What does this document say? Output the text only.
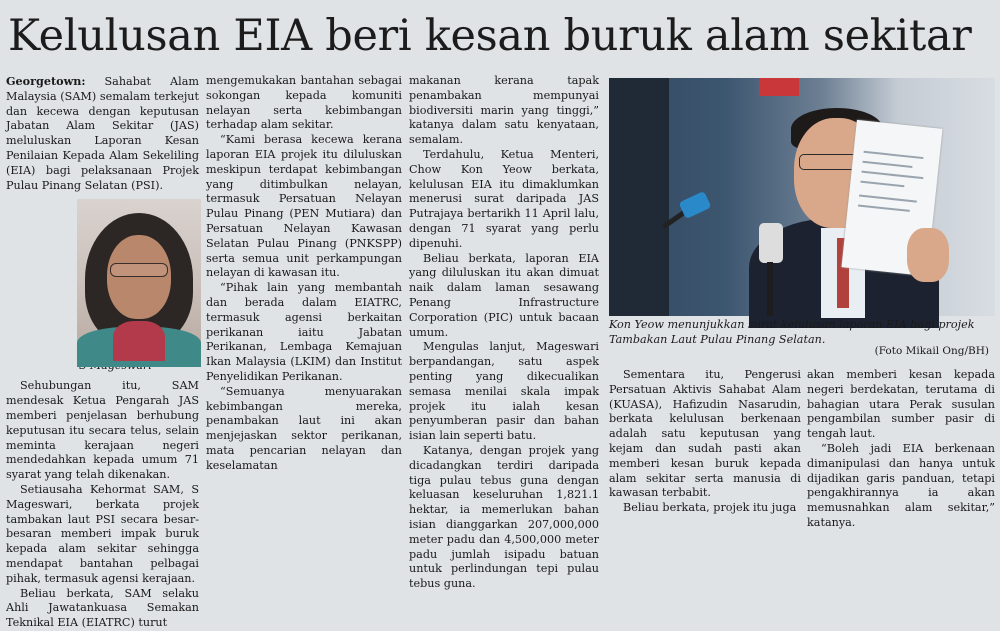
Kelulusan EIA beri kesan buruk alam sekitar

Georgetown: Sahabat Alam Malaysia (SAM) semalam terkejut dan kecewa dengan keputusan Jabatan Alam Sekitar (JAS) meluluskan Laporan Kesan Penilaian Kepada Alam Sekeliling (EIA) bagi pelaksanaan Projek Pulau Pinang Selatan (PSI).

Sehubungan itu, SAM mendesak Ketua Pengarah JAS memberi penjelasan berhubung keputusan itu secara telus, selain meminta kerajaan negeri mendedahkan kepada umum 71 syarat yang telah dikenakan.

Setiausaha Kehormat SAM, S Mageswari, berkata projek tambakan laut PSI secara besar-besaran memberi impak buruk kepada alam sekitar sehingga mendapat bantahan pelbagai pihak, termasuk agensi kerajaan.

Beliau berkata, SAM selaku Ahli Jawatankuasa Semakan Teknikal EIA (EIATRC) turut

mengemukakan bantahan sebagai sokongan kepada komuniti nelayan serta kebimbangan terhadap alam sekitar.

“Kami berasa kecewa kerana laporan EIA projek itu diluluskan meskipun terdapat kebimbangan yang ditimbulkan nelayan, termasuk Persatuan Nelayan Pulau Pinang (PEN Mutiara) dan Persatuan Nelayan Kawasan Selatan Pulau Pinang (PNKSPP) serta semua unit perkampungan nelayan di kawasan itu.

“Pihak lain yang membantah dan berada dalam EIATRC, termasuk agensi berkaitan perikanan iaitu Jabatan Perikanan, Lembaga Kemajuan Ikan Malaysia (LKIM) dan Institut Penyelidikan Perikanan.

“Semuanya menyuarakan kebimbangan mereka, penambakan laut ini akan menjejaskan sektor perikanan, mata pencarian nelayan dan keselamatan

makanan kerana tapak penambakan mempunyai biodiversiti marin yang tinggi,” katanya dalam satu kenyataan, semalam.

Terdahulu, Ketua Menteri, Chow Kon Yeow berkata, kelulusan EIA itu dimaklumkan menerusi surat daripada JAS Putrajaya bertarikh 11 April lalu, dengan 71 syarat yang perlu dipenuhi.

Beliau berkata, laporan EIA yang diluluskan itu akan dimuat naik dalam laman sesawang Penang Infrastructure Corporation (PIC) untuk bacaan umum.

Mengulas lanjut, Mageswari berpandangan, satu aspek penting yang dikecualikan semasa menilai skala impak projek itu ialah kesan penyumberan pasir dan bahan isian lain seperti batu.

Katanya, dengan projek yang dicadangkan terdiri daripada tiga pulau tebus guna dengan keluasan keseluruhan 1,821.1 hektar, ia memerlukan bahan isian dianggarkan 207,000,000 meter padu dan 4,500,000 meter padu jumlah isipadu batuan untuk perlindungan tepi pulau tebus guna.

Kon Yeow menunjukkan surat kelulusan laporan EIA bagi projek
Tambakan Laut Pulau Pinang Selatan.
(Foto Mikail Ong/BH)

Sementara itu, Pengerusi Persatuan Aktivis Sahabat Alam (KUASA), Hafizudin Nasarudin, berkata kelulusan berkenaan adalah satu keputusan yang kejam dan sudah pasti akan memberi kesan buruk kepada alam sekitar serta manusia di kawasan terbabit.

Beliau berkata, projek itu juga

akan memberi kesan kepada negeri berdekatan, terutama di bahagian utara Perak susulan pengambilan sumber pasir di tengah laut.

“Boleh jadi EIA berkenaan dimanipulasi dan hanya untuk dijadikan garis panduan, tetapi pengakhirannya ia akan memusnahkan alam sekitar,” katanya.
